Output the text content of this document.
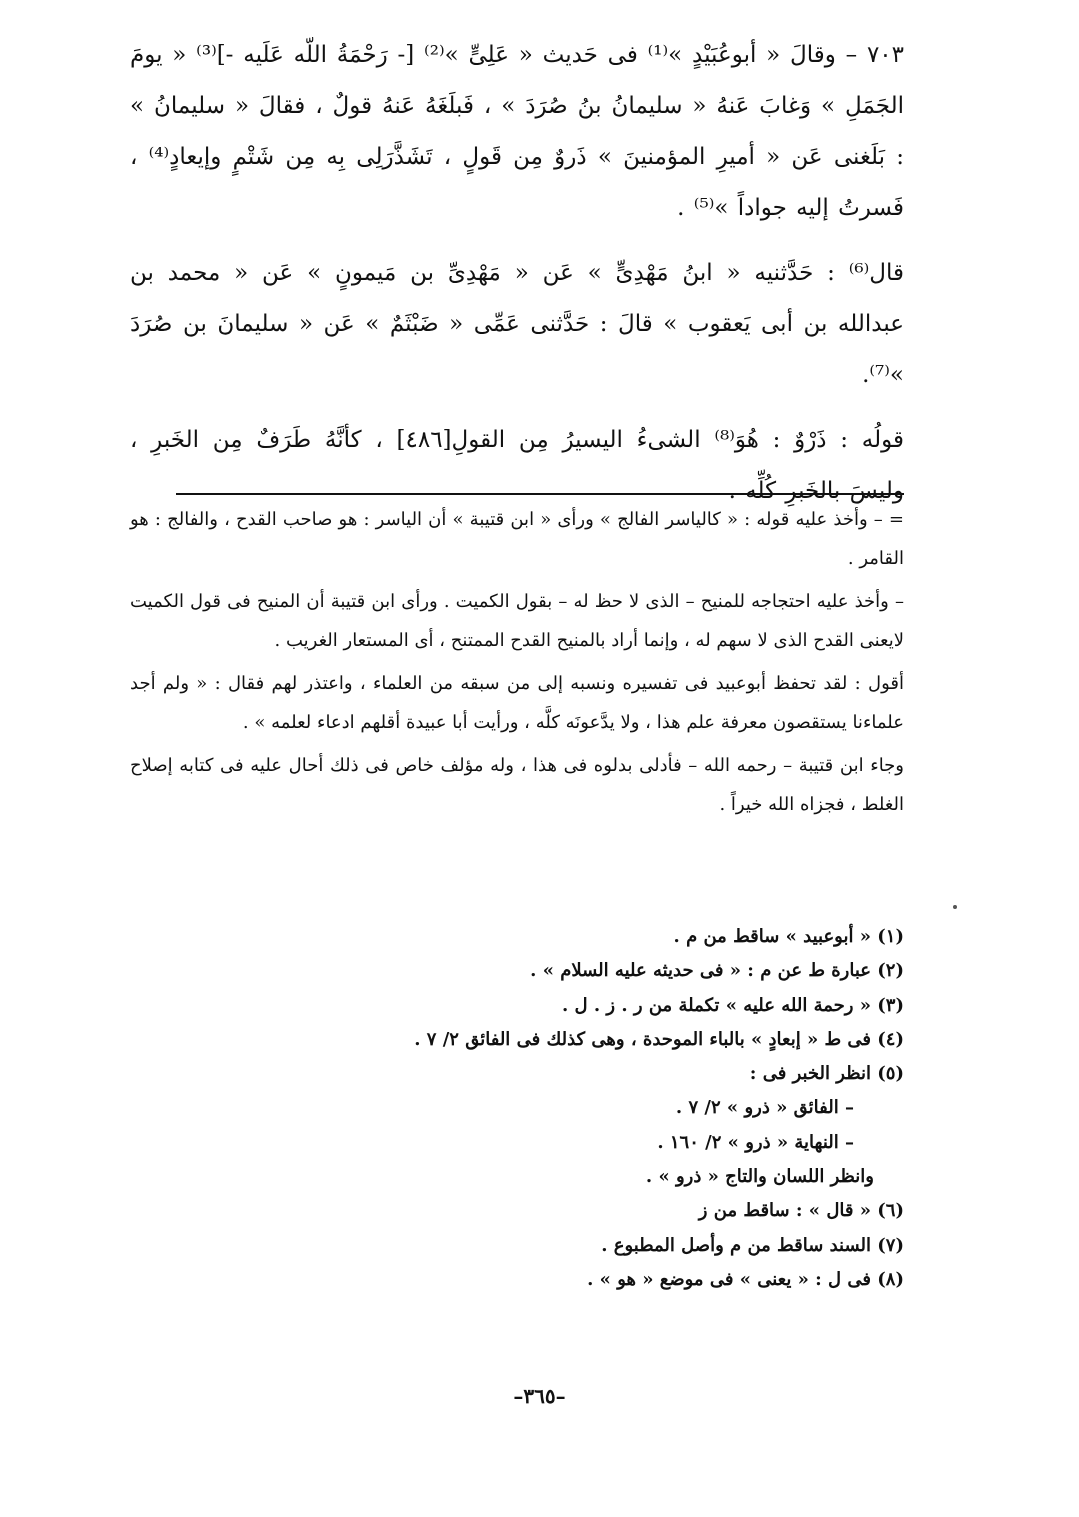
٧٠٣ – وقالَ « أبوعُبَيْدٍ »⁽¹⁾ فى حَديث « عَلِىٍّ »⁽²⁾ [- رَحْمَةُ اللّه عَلَيه -]⁽³⁾ « يومَ الجَمَلِ » وَغابَ عَنهُ « سليمانُ بنُ صُرَدَ » ، فَبلَغَهُ عَنهُ قولٌ ، فقالَ « سليمانُ » : بَلَغنى عَن « أميرِ المؤمنينَ » ذَروٌ مِن قَولٍ ، تَشَذَّرَلِى بِه مِن شَتْمٍ وإيعادٍ⁽⁴⁾ ، فَسرتُ إليه جواداً »⁽⁵⁾ .

قال⁽⁶⁾ : حَدَّثنيه « ابنُ مَهْدِىٍّ » عَن « مَهْدِىِّ بن مَيمونٍ » عَن « محمد بن عبدالله بن أبى يَعقوب » قالَ : حَدَّثنى عَمِّى « ضَبْثَمٌ » عَن « سليمانَ بن صُرَدَ »⁽⁷⁾.

قولُه : ذَرْوٌ : هُوَ⁽⁸⁾ الشىءُ اليسيرُ مِن القولِ[٤٨٦] ، كأنَّهُ طَرَفٌ مِن الخَبرِ ، وليسَ بالخَبرِ كُلِّه .

= – وأخذ عليه قوله : « كالياسر الفالج » ورأى « ابن قتيبة » أن الياسر : هو صاحب القدح ، والفالج : هو القامر .

– وأخذ عليه احتجاجه للمنيح – الذى لا حظ له – بقول الكميت . ورأى ابن قتيبة أن المنيح فى قول الكميت لايعنى القدح الذى لا سهم له ، وإنما أراد بالمنيح القدح الممتنح ، أى المستعار الغريب .

أقول : لقد تحفظ أبوعبيد فى تفسيره ونسبه إلى من سبقه من العلماء ، واعتذر لهم فقال : « ولم أجد علماءنا يستقصون معرفة علم هذا ، ولا يدَّعونَه كلَّه ، ورأيت أبا عبيدة أقلهم ادعاء لعلمه » .

وجاء ابن قتيبة – رحمه الله – فأدلى بدلوه فى هذا ، وله مؤلف خاص فى ذلك أحال عليه فى كتابه إصلاح الغلط ، فجزاه الله خيراً .

(١) « أبوعبيد » ساقط من م .

(٢) عبارة ط عن م : « فى حديثه عليه السلام » .

(٣) « رحمة الله عليه » تكملة من ر . ز . ل .

(٤) فى ط « إبعادٍ » بالباء الموحدة ، وهى كذلك فى الفائق ٢/ ٧ .

(٥) انظر الخبر فى :

– الفائق « ذرو » ٢/ ٧ .

– النهاية « ذرو » ٢/ ١٦٠ .

وانظر اللسان والتاج « ذرو » .

(٦) « قال » : ساقط من ز

(٧) السند ساقط من م وأصل المطبوع .

(٨) فى ل : « يعنى » فى موضع « هو » .

–٣٦٥–
